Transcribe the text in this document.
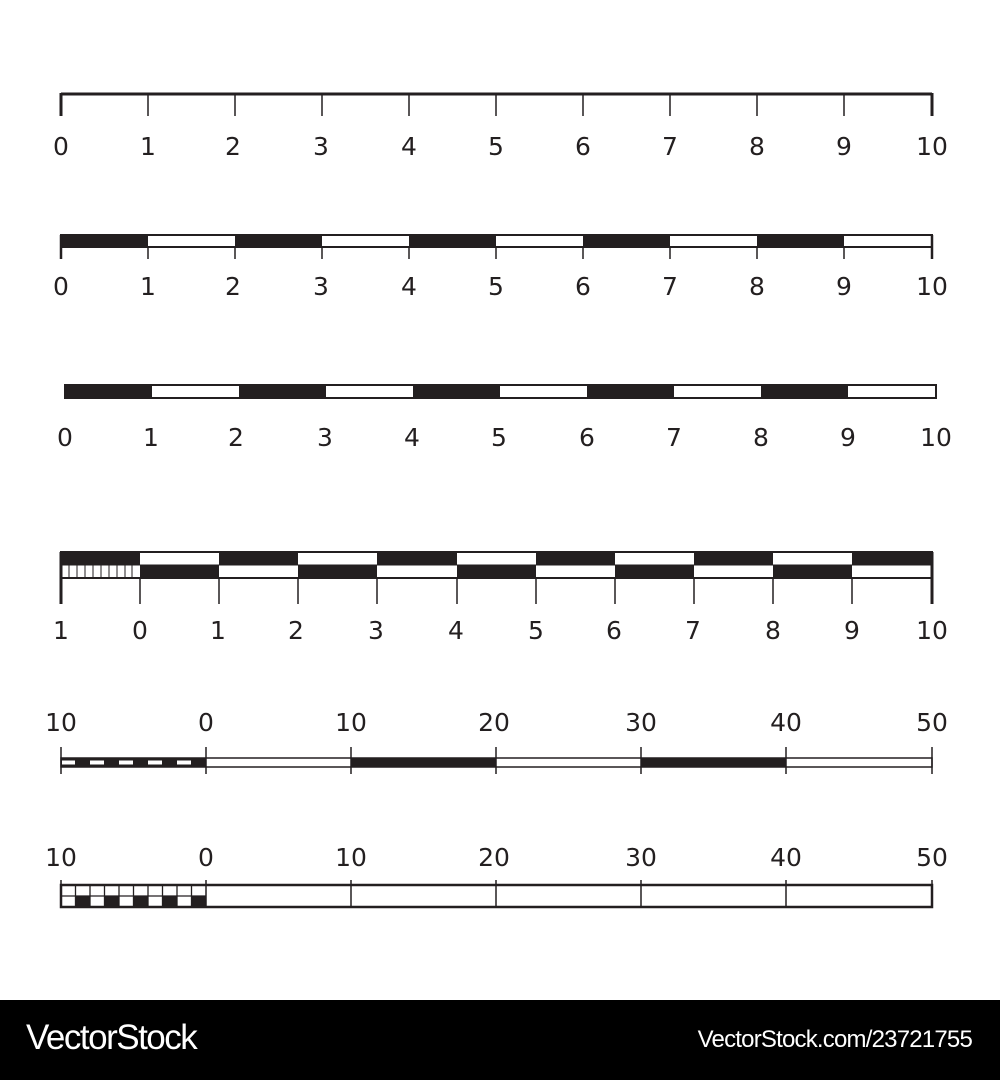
0	1	2	3	4	5	6	7	8	9	10
0	1	2	3	4	5	6	7	8	9	10
0	1	2	3	4	5	6	7	8	9	10
1	0 1 2	3	4	5 6	7	8	9 10
10	0	10	20	30	40	50
10	0	10	20	30	40	50
VectorStock	VectorStock.com/23721755
